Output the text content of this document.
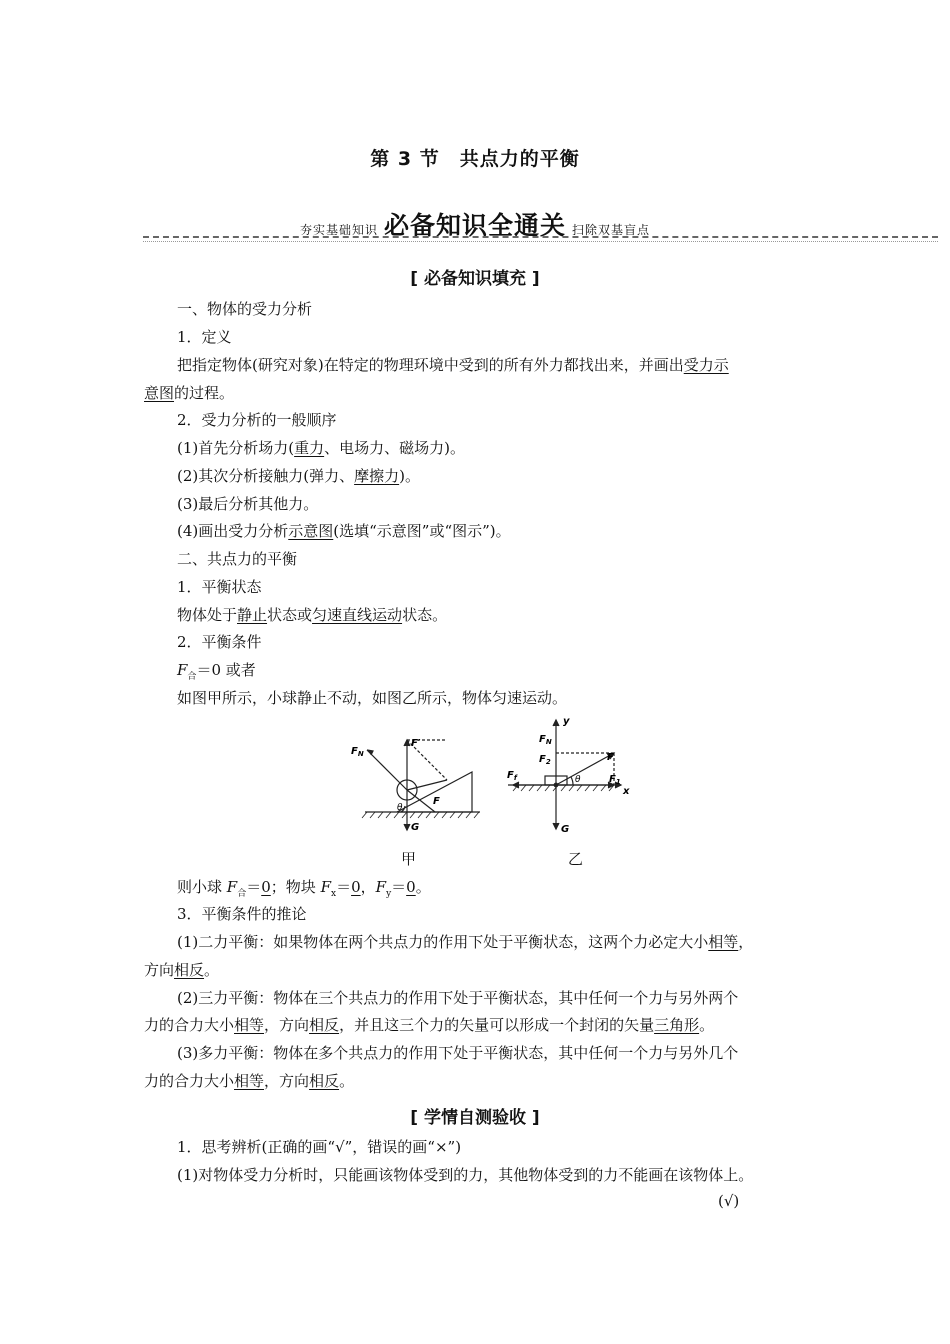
第 3 节　共点力的平衡
夯实基础知识 必备知识全通关 扫除双基盲点
[ 必备知识填充 ]
一、物体的受力分析
1．定义
把指定物体(研究对象)在特定的物理环境中受到的所有外力都找出来，并画出受力示
意图的过程。
2．受力分析的一般顺序
(1)首先分析场力(重力、电场力、磁场力)。
(2)其次分析接触力(弹力、摩擦力)。
(3)最后分析其他力。
(4)画出受力分析示意图(选填“示意图”或“图示”)。
二、共点力的平衡
1．平衡状态
物体处于静止状态或匀速直线运动状态。
2．平衡条件
$F_合=0$ 或者
如图甲所示，小球静止不动，如图乙所示，物体匀速运动。
$F_N$
F′
F
G
θ
y
x
$F_N$
$F_2$	F
$F_f$	$F_1$
G
θ
甲	乙
则小球 $F_合=0$；物块 $F_x=0$，$F_y=0$。
3．平衡条件的推论
(1)二力平衡：如果物体在两个共点力的作用下处于平衡状态，这两个力必定大小相等，
方向相反。
(2)三力平衡：物体在三个共点力的作用下处于平衡状态，其中任何一个力与另外两个
力的合力大小相等，方向相反，并且这三个力的矢量可以形成一个封闭的矢量三角形。
(3)多力平衡：物体在多个共点力的作用下处于平衡状态，其中任何一个力与另外几个
力的合力大小相等，方向相反。
[ 学情自测验收 ]
1．思考辨析(正确的画“√”，错误的画“×”)
(1)对物体受力分析时，只能画该物体受到的力，其他物体受到的力不能画在该物体上。
(√)
